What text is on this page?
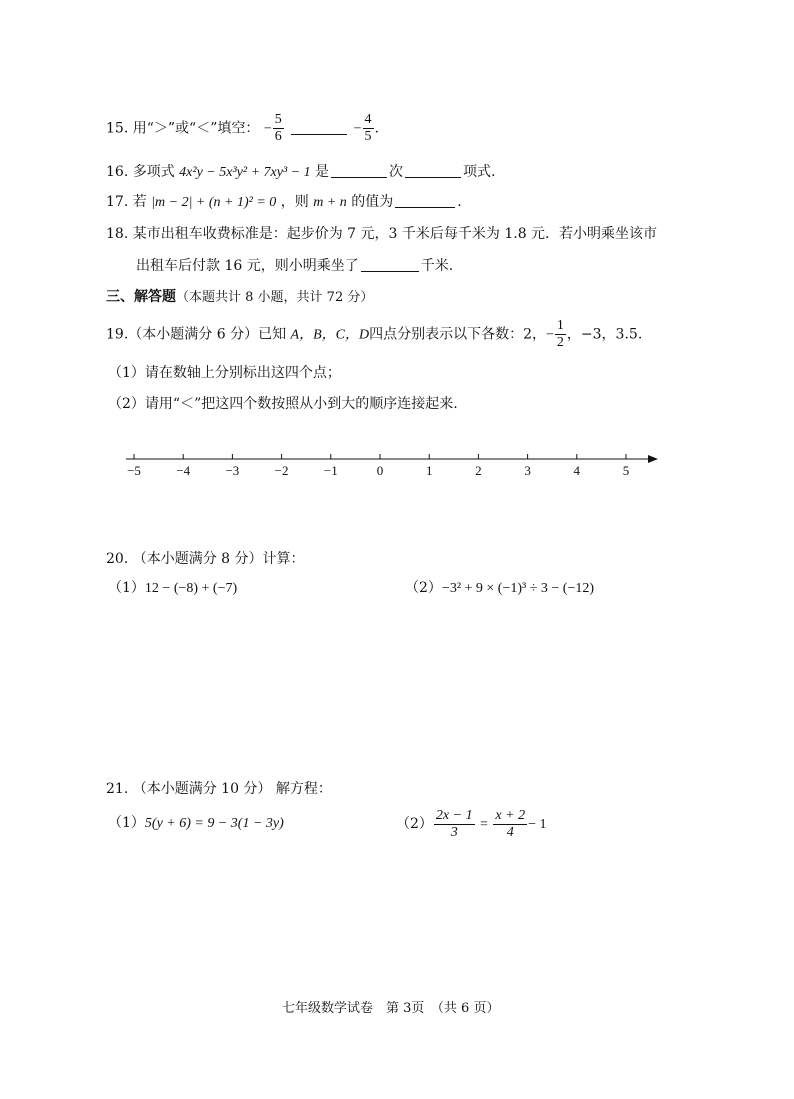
15. 用“＞”或“＜”填空： − $\frac{5}{6}$	− $\frac{4}{5}$ .
16. 多项式 4x²y − 5x³y² + 7xy³ − 1 是	次	项式.
17. 若 |m − 2| + (n + 1)² = 0 ，则 m + n 的值为	.
18. 某市出租车收费标准是：起步价为 7 元，3 千米后每千米为 1.8 元．若小明乘坐该市
出租车后付款 16 元，则小明乘坐了	千米.
三、解答题（本题共计 8 小题，共计 72 分）
19.（本小题满分 6 分）已知 A，B，C，D四点分别表示以下各数：2，− $\frac{1}{2}$ ，−3，3.5.
（1）请在数轴上分别标出这四个点；
（2）请用“＜”把这四个数按照从小到大的顺序连接起来.
−5	−4	−3	−2	−1	0	1	2	3	4	5
20. （本小题满分 8 分）计算：
（1）12 − (−8) + (−7)	（2）−3² + 9 × (−1)³ ÷ 3 − (−12)
21. （本小题满分 10 分） 解方程：
（1）5(y + 6) = 9 − 3(1 − 3y)	$(2) \frac{2x - 1}{3} = \frac{x + 2}{4} - 1$
七年级数学试卷　第 3页　（共 6 页）
